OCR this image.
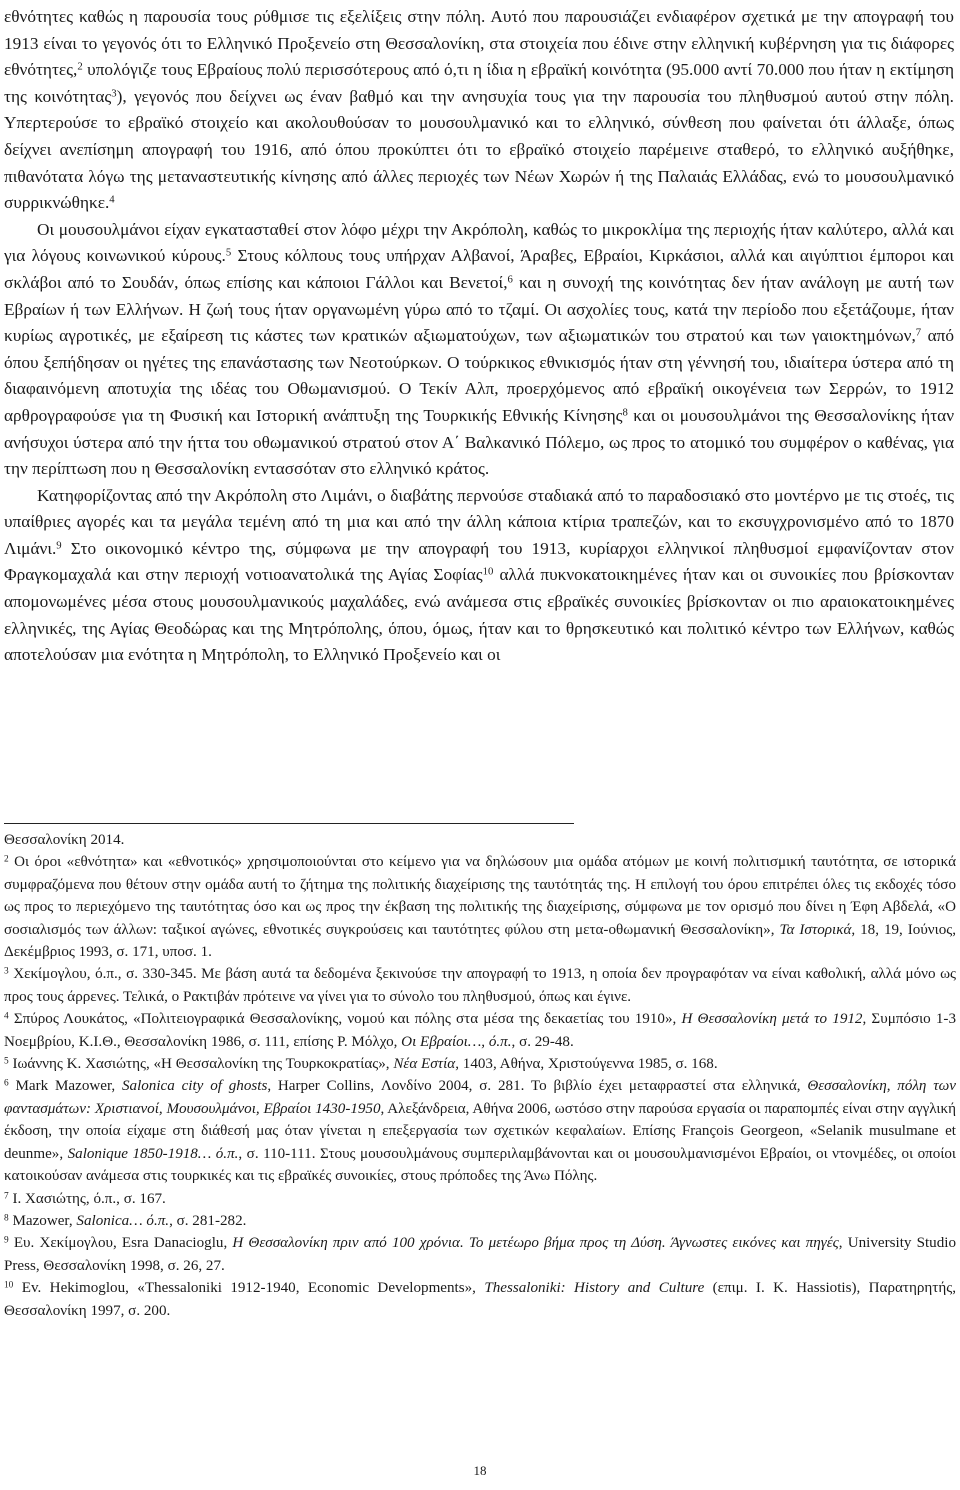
εθνότητες καθώς η παρουσία τους ρύθμισε τις εξελίξεις στην πόλη. Αυτό που παρουσιάζει ενδιαφέρον σχετικά με την απογραφή του 1913 είναι το γεγονός ότι το Ελληνικό Προξενείο στη Θεσσαλονίκη, στα στοιχεία που έδινε στην ελληνική κυβέρνηση για τις διάφορες εθνότητες,$^2$ υπολόγιζε τους Εβραίους πολύ περισσότερους από ό,τι η ίδια η εβραϊκή κοινότητα (95.000 αντί 70.000 που ήταν η εκτίμηση της κοινότητας$^3$), γεγονός που δείχνει ως έναν βαθμό και την ανησυχία τους για την παρουσία του πληθυσμού αυτού στην πόλη. Υπερτερούσε το εβραϊκό στοιχείο και ακολουθούσαν το μουσουλμανικό και το ελληνικό, σύνθεση που φαίνεται ότι άλλαξε, όπως δείχνει ανεπίσημη απογραφή του 1916, από όπου προκύπτει ότι το εβραϊκό στοιχείο παρέμεινε σταθερό, το ελληνικό αυξήθηκε, πιθανότατα λόγω της μεταναστευτικής κίνησης από άλλες περιοχές των Νέων Χωρών ή της Παλαιάς Ελλάδας, ενώ το μουσουλμανικό συρρικνώθηκε.$^4$

Οι μουσουλμάνοι είχαν εγκατασταθεί στον λόφο μέχρι την Ακρόπολη, καθώς το μικροκλίμα της περιοχής ήταν καλύτερο, αλλά και για λόγους κοινωνικού κύρους.$^5$ Στους κόλπους τους υπήρχαν Αλβανοί, Άραβες, Εβραίοι, Κιρκάσιοι, αλλά και αιγύπτιοι έμποροι και σκλάβοι από το Σουδάν, όπως επίσης και κάποιοι Γάλλοι και Βενετοί,$^6$ και η συνοχή της κοινότητας δεν ήταν ανάλογη με αυτή των Εβραίων ή των Ελλήνων. Η ζωή τους ήταν οργανωμένη γύρω από το τζαμί. Οι ασχολίες τους, κατά την περίοδο που εξετάζουμε, ήταν κυρίως αγροτικές, με εξαίρεση τις κάστες των κρατικών αξιωματούχων, των αξιωματικών του στρατού και των γαιοκτημόνων,$^7$ από όπου ξεπήδησαν οι ηγέτες της επανάστασης των Νεοτούρκων. Ο τούρκικος εθνικισμός ήταν στη γέννησή του, ιδιαίτερα ύστερα από τη διαφαινόμενη αποτυχία της ιδέας του Οθωμανισμού. Ο Τεκίν Αλπ, προερχόμενος από εβραϊκή οικογένεια των Σερρών, το 1912 αρθρογραφούσε για τη Φυσική και Ιστορική ανάπτυξη της Τουρκικής Εθνικής Κίνησης$^8$ και οι μουσουλμάνοι της Θεσσαλονίκης ήταν ανήσυχοι ύστερα από την ήττα του οθωμανικού στρατού στον Α΄ Βαλκανικό Πόλεμο, ως προς το ατομικό του συμφέρον ο καθένας, για την περίπτωση που η Θεσσαλονίκη εντασσόταν στο ελληνικό κράτος.

Κατηφορίζοντας από την Ακρόπολη στο Λιμάνι, ο διαβάτης περνούσε σταδιακά από το παραδοσιακό στο μοντέρνο με τις στοές, τις υπαίθριες αγορές και τα μεγάλα τεμένη από τη μια και από την άλλη κάποια κτίρια τραπεζών, και το εκσυγχρονισμένο από το 1870 Λιμάνι.$^9$ Στο οικονομικό κέντρο της, σύμφωνα με την απογραφή του 1913, κυρίαρχοι ελληνικοί πληθυσμοί εμφανίζονταν στον Φραγκομαχαλά και στην περιοχή νοτιοανατολικά της Αγίας Σοφίας$^{10}$ αλλά πυκνοκατοικημένες ήταν και οι συνοικίες που βρίσκονταν απομονωμένες μέσα στους μουσουλμανικούς μαχαλάδες, ενώ ανάμεσα στις εβραϊκές συνοικίες βρίσκονταν οι πιο αραιοκατοικημένες ελληνικές, της Αγίας Θεοδώρας και της Μητρόπολης, όπου, όμως, ήταν και το θρησκευτικό και πολιτικό κέντρο των Ελλήνων, καθώς αποτελούσαν μια ενότητα η Μητρόπολη, το Ελληνικό Προξενείο και οι

Θεσσαλονίκη 2014.

$^2$ Οι όροι «εθνότητα» και «εθνοτικός» χρησιμοποιούνται στο κείμενο για να δηλώσουν μια ομάδα ατόμων με κοινή πολιτισμική ταυτότητα, σε ιστορικά συμφραζόμενα που θέτουν στην ομάδα αυτή το ζήτημα της πολιτικής διαχείρισης της ταυτότητάς της. Η επιλογή του όρου επιτρέπει όλες τις εκδοχές τόσο ως προς το περιεχόμενο της ταυτότητας όσο και ως προς την έκβαση της πολιτικής της διαχείρισης, σύμφωνα με τον ορισμό που δίνει η Έφη Αβδελά, «Ο σοσιαλισμός των άλλων: ταξικοί αγώνες, εθνοτικές συγκρούσεις και ταυτότητες φύλου στη μετα-οθωμανική Θεσσαλονίκη», Τα Ιστορικά, 18, 19, Ιούνιος, Δεκέμβριος 1993, σ. 171, υποσ. 1.

$^3$ Χεκίμογλου, ό.π., σ. 330-345. Με βάση αυτά τα δεδομένα ξεκινούσε την απογραφή το 1913, η οποία δεν προγραφόταν να είναι καθολική, αλλά μόνο ως προς τους άρρενες. Τελικά, ο Ρακτιβάν πρότεινε να γίνει για το σύνολο του πληθυσμού, όπως και έγινε.

$^4$ Σπύρος Λουκάτος, «Πολιτειογραφικά Θεσσαλονίκης, νομού και πόλης στα μέσα της δεκαετίας του 1910», Η Θεσσαλονίκη μετά το 1912, Συμπόσιο 1-3 Νοεμβρίου, Κ.Ι.Θ., Θεσσαλονίκη 1986, σ. 111, επίσης Ρ. Μόλχο, Οι Εβραίοι…, ό.π., σ. 29-48.

$^5$ Ιωάννης Κ. Χασιώτης, «Η Θεσσαλονίκη της Τουρκοκρατίας», Νέα Εστία, 1403, Αθήνα, Χριστούγεννα 1985, σ. 168.

$^6$ Mark Mazower, Salonica city of ghosts, Harper Collins, Λονδίνο 2004, σ. 281. Το βιβλίο έχει μεταφραστεί στα ελληνικά, Θεσσαλονίκη, πόλη των φαντασμάτων: Χριστιανοί, Μουσουλμάνοι, Εβραίοι 1430-1950, Αλεξάνδρεια, Αθήνα 2006, ωστόσο στην παρούσα εργασία οι παραπομπές είναι στην αγγλική έκδοση, την οποία είχαμε στη διάθεσή μας όταν γίνεται η επεξεργασία των σχετικών κεφαλαίων. Επίσης François Georgeon, «Selanik musulmane et deunme», Salonique 1850-1918… ό.π., σ. 110-111. Στους μουσουλμάνους συμπεριλαμβάνονται και οι μουσουλμανισμένοι Εβραίοι, οι ντονμέδες, οι οποίοι κατοικούσαν ανάμεσα στις τουρκικές και τις εβραϊκές συνοικίες, στους πρόποδες της Άνω Πόλης.

$^7$ Ι. Χασιώτης, ό.π., σ. 167.

$^8$ Mazower, Salonica… ό.π., σ. 281-282.

$^9$ Ευ. Χεκίμογλου, Esra Danacioglu, Η Θεσσαλονίκη πριν από 100 χρόνια. Το μετέωρο βήμα προς τη Δύση. Άγνωστες εικόνες και πηγές, University Studio Press, Θεσσαλονίκη 1998, σ. 26, 27.

$^{10}$ Ev. Hekimoglou, «Thessaloniki 1912-1940, Economic Developments», Thessaloniki: History and Culture (επιμ. I. K. Hassiotis), Παρατηρητής, Θεσσαλονίκη 1997, σ. 200.

18
